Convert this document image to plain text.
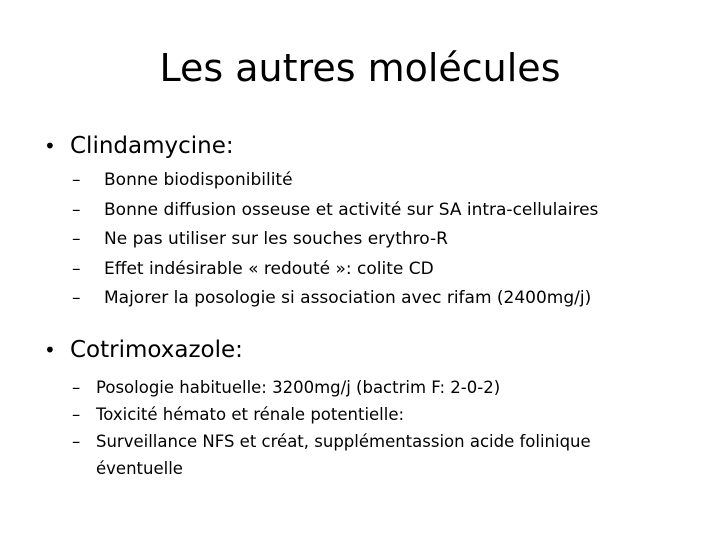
Les autres molécules
• Clindamycine:
–	Bonne biodisponibilité
–	Bonne diffusion osseuse et activité sur SA intra-cellulaires
–	Ne pas utiliser sur les souches erythro-R
–	Effet indésirable « redouté »: colite CD
–	Majorer la posologie si association avec rifam (2400mg/j)
• Cotrimoxazole:
– Posologie habituelle: 3200mg/j (bactrim F: 2-0-2)
– Toxicité hémato et rénale potentielle:
– Surveillance NFS et créat, supplémentassion acide folinique éventuelle
